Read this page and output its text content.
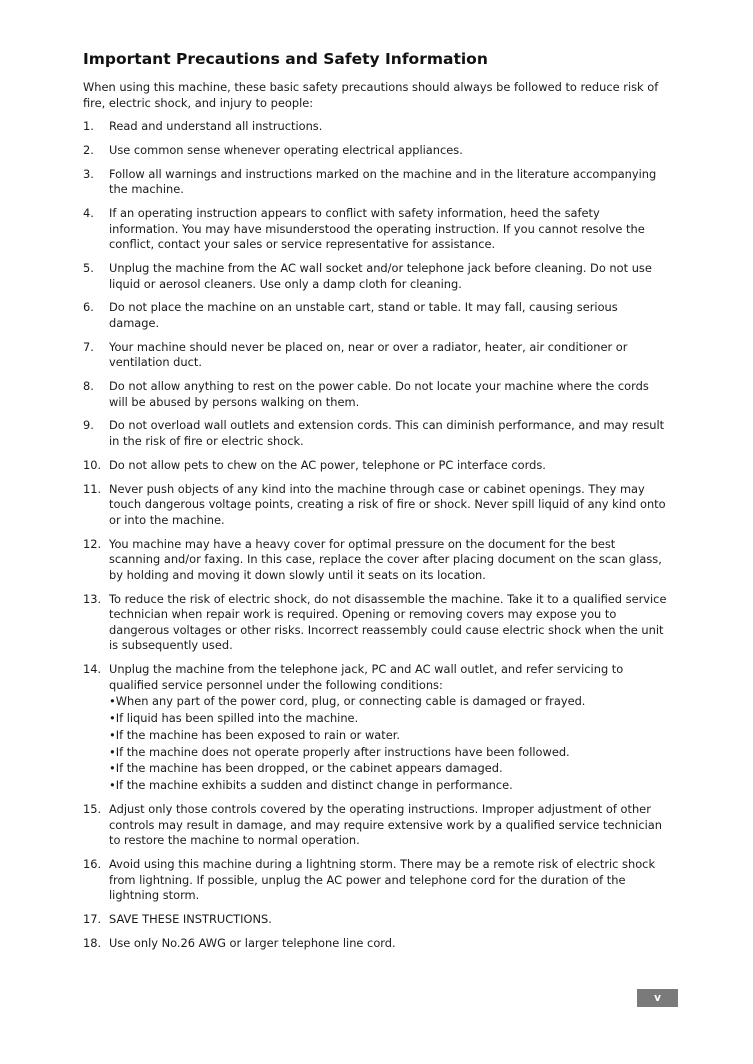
Important Precautions and Safety Information

When using this machine, these basic safety precautions should always be followed to reduce risk of fire, electric shock, and injury to people:

1.	Read and understand all instructions.
2.	Use common sense whenever operating electrical appliances.
3.	Follow all warnings and instructions marked on the machine and in the literature accompanying the machine.
4.	If an operating instruction appears to conflict with safety information, heed the safety information. You may have misunderstood the operating instruction. If you cannot resolve the conflict, contact your sales or service representative for assistance.
5.	Unplug the machine from the AC wall socket and/or telephone jack before cleaning. Do not use liquid or aerosol cleaners. Use only a damp cloth for cleaning.
6.	Do not place the machine on an unstable cart, stand or table. It may fall, causing serious damage.
7.	Your machine should never be placed on, near or over a radiator, heater, air conditioner or ventilation duct.
8.	Do not allow anything to rest on the power cable. Do not locate your machine where the cords will be abused by persons walking on them.
9.	Do not overload wall outlets and extension cords. This can diminish performance, and may result in the risk of fire or electric shock.
10. Do not allow pets to chew on the AC power, telephone or PC interface cords.
11. Never push objects of any kind into the machine through case or cabinet openings. They may touch dangerous voltage points, creating a risk of fire or shock. Never spill liquid of any kind onto or into the machine.
12. You machine may have a heavy cover for optimal pressure on the document for the best scanning and/or faxing. In this case, replace the cover after placing document on the scan glass, by holding and moving it down slowly until it seats on its location.
13. To reduce the risk of electric shock, do not disassemble the machine. Take it to a qualified service technician when repair work is required. Opening or removing covers may expose you to dangerous voltages or other risks. Incorrect reassembly could cause electric shock when the unit is subsequently used.
14. Unplug the machine from the telephone jack, PC and AC wall outlet, and refer servicing to qualified service personnel under the following conditions:
•When any part of the power cord, plug, or connecting cable is damaged or frayed.
•If liquid has been spilled into the machine.
•If the machine has been exposed to rain or water.
•If the machine does not operate properly after instructions have been followed.
•If the machine has been dropped, or the cabinet appears damaged.
•If the machine exhibits a sudden and distinct change in performance.
15. Adjust only those controls covered by the operating instructions. Improper adjustment of other controls may result in damage, and may require extensive work by a qualified service technician to restore the machine to normal operation.
16. Avoid using this machine during a lightning storm. There may be a remote risk of electric shock from lightning. If possible, unplug the AC power and telephone cord for the duration of the lightning storm.
17. SAVE THESE INSTRUCTIONS.
18. Use only No.26 AWG or larger telephone line cord.
v
